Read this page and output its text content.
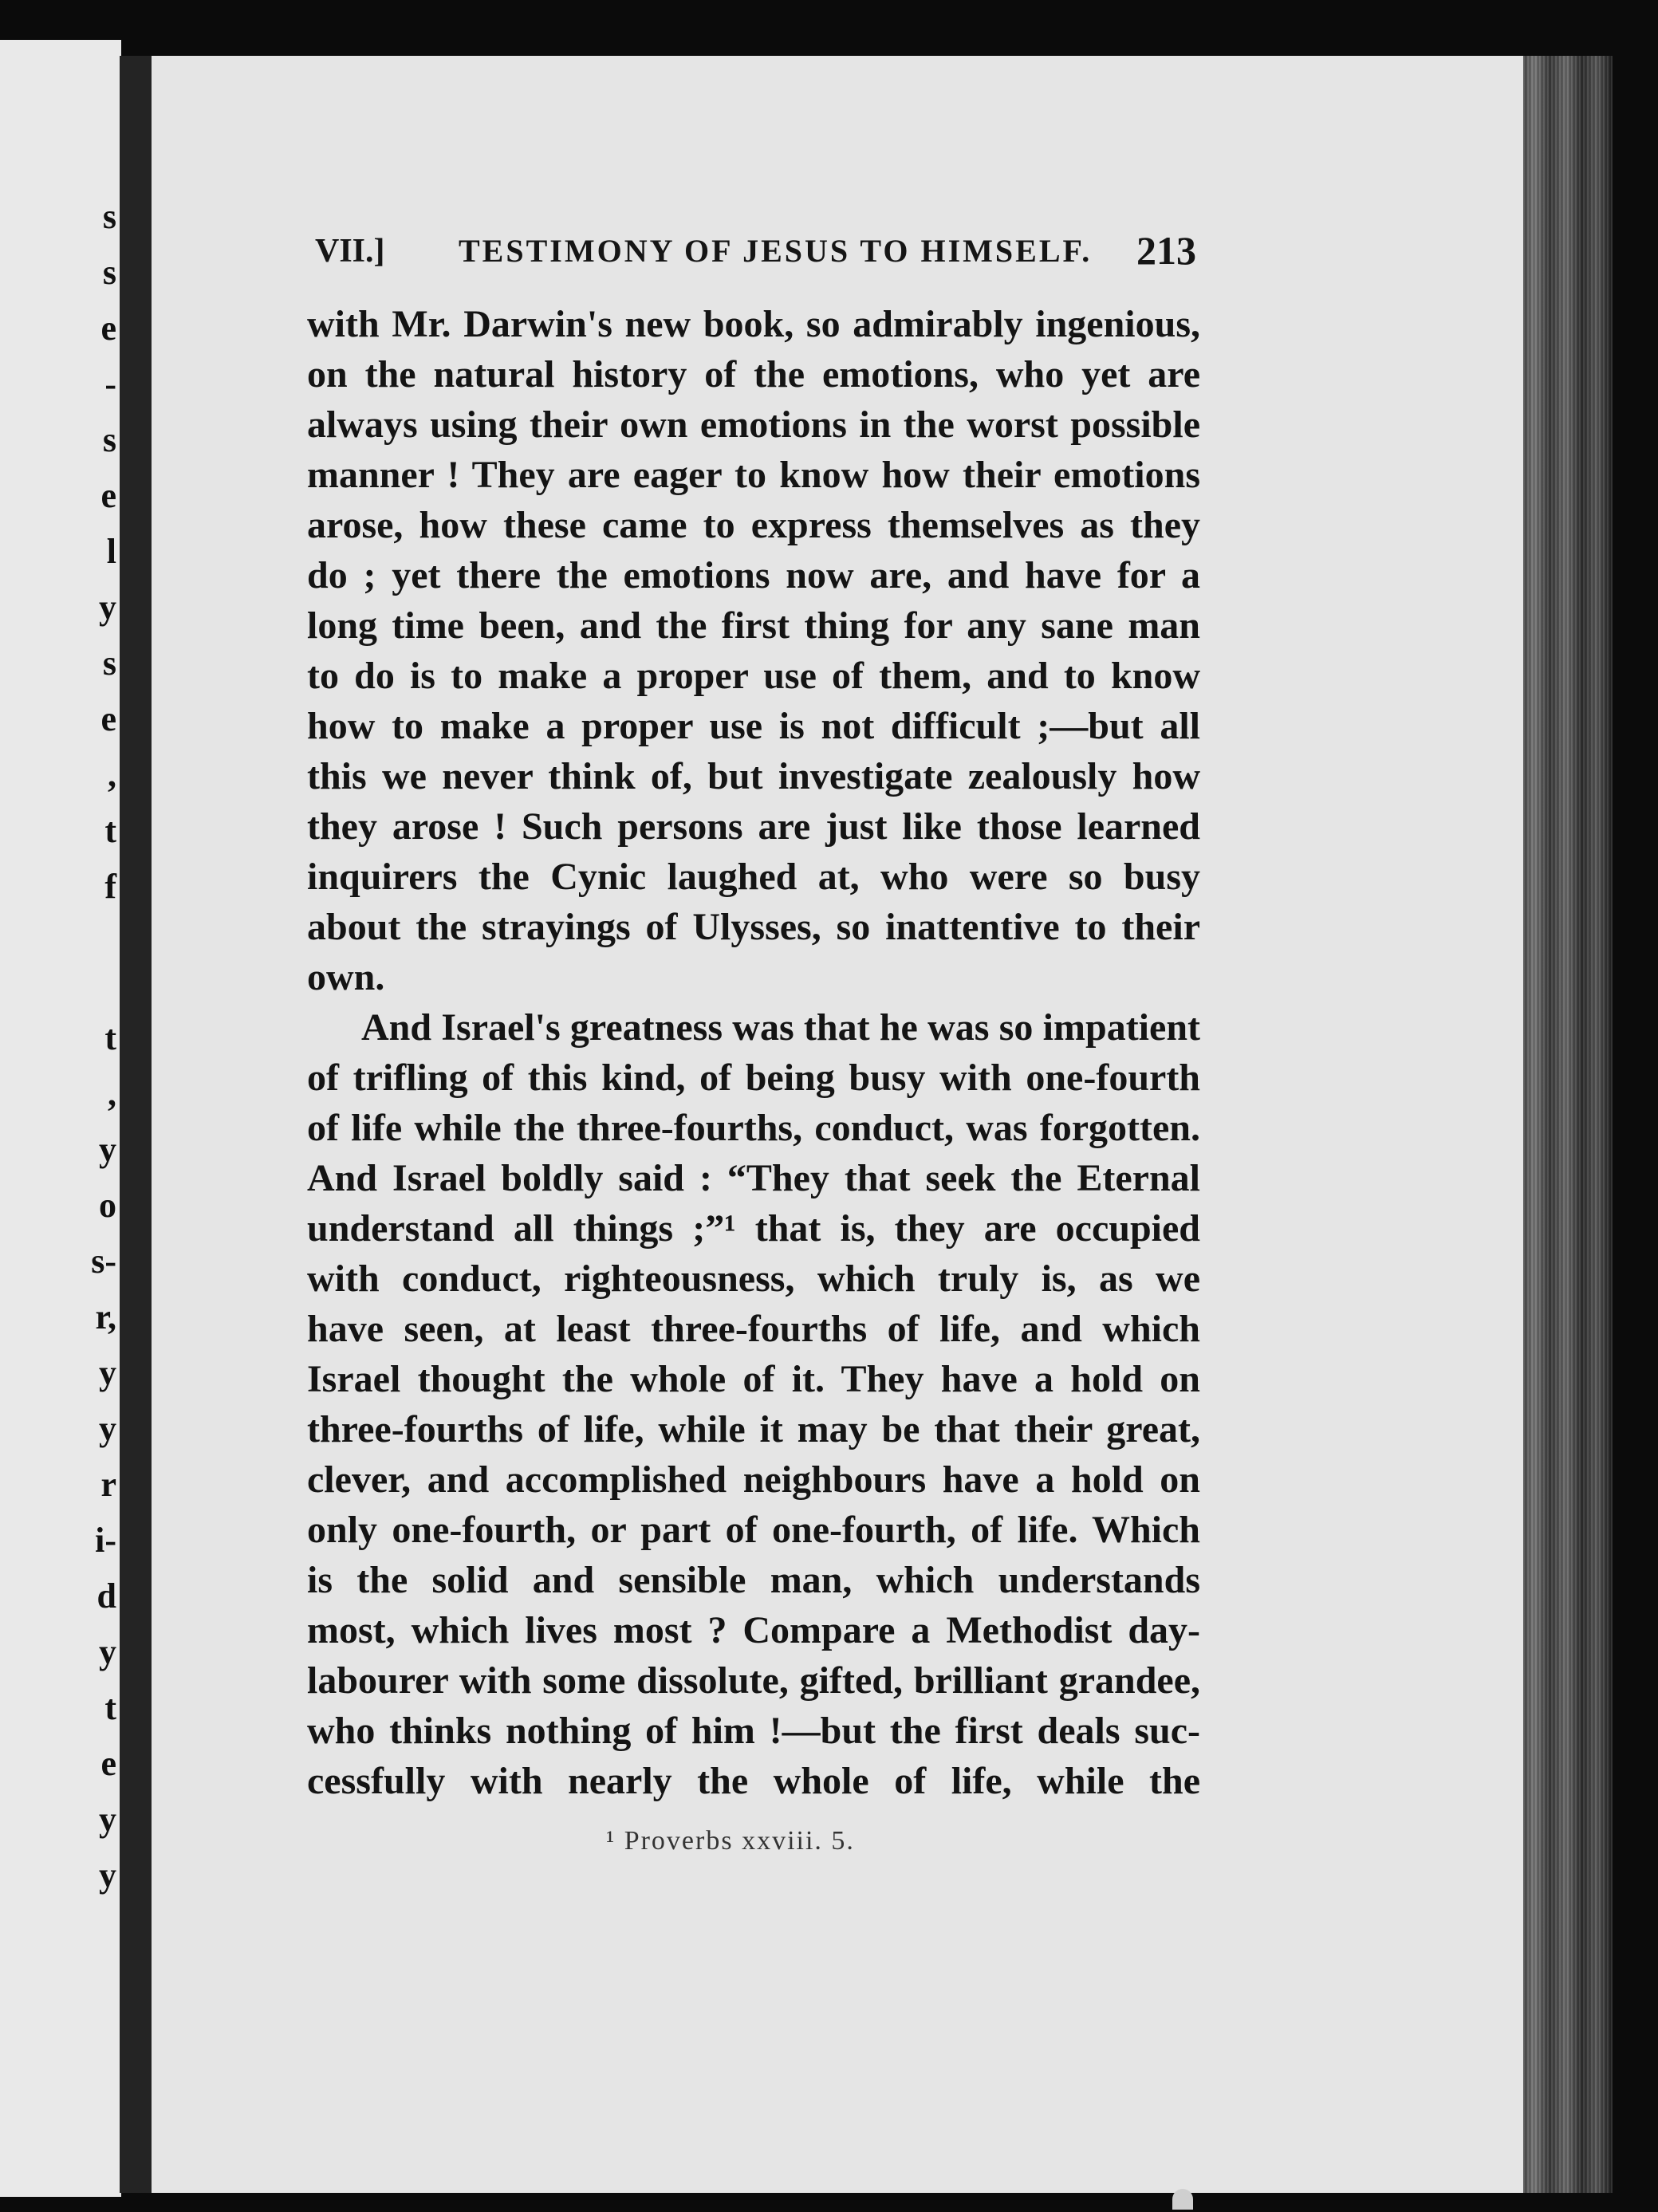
s
s
e
-
s
e
l
y
s
e
,
t
f
t
,
y
o
s-
r,
y
y
r
i-
d
y
t
e
y
y
VII.] TESTIMONY OF JESUS TO HIMSELF. 213
with Mr. Darwin's new book, so admirably ingenious,
on the natural history of the emotions, who yet are
always using their own emotions in the worst possible
manner ! They are eager to know how their emotions
arose, how these came to express themselves as they
do ; yet there the emotions now are, and have for a
long time been, and the first thing for any sane man
to do is to make a proper use of them, and to know
how to make a proper use is not difficult ;—but all
this we never think of, but investigate zealously how
they arose ! Such persons are just like those learned
inquirers the Cynic laughed at, who were so busy
about the strayings of Ulysses, so inattentive to their
own.
And Israel's greatness was that he was so impatient
of trifling of this kind, of being busy with one-fourth
of life while the three-fourths, conduct, was forgotten.
And Israel boldly said : “They that seek the Eternal
understand all things ;”¹ that is, they are occupied
with conduct, righteousness, which truly is, as we
have seen, at least three-fourths of life, and which
Israel thought the whole of it. They have a hold on
three-fourths of life, while it may be that their great,
clever, and accomplished neighbours have a hold on
only one-fourth, or part of one-fourth, of life. Which
is the solid and sensible man, which understands
most, which lives most ? Compare a Methodist day-
labourer with some dissolute, gifted, brilliant grandee,
who thinks nothing of him !—but the first deals suc-
cessfully with nearly the whole of life, while the
¹ Proverbs xxviii. 5.
